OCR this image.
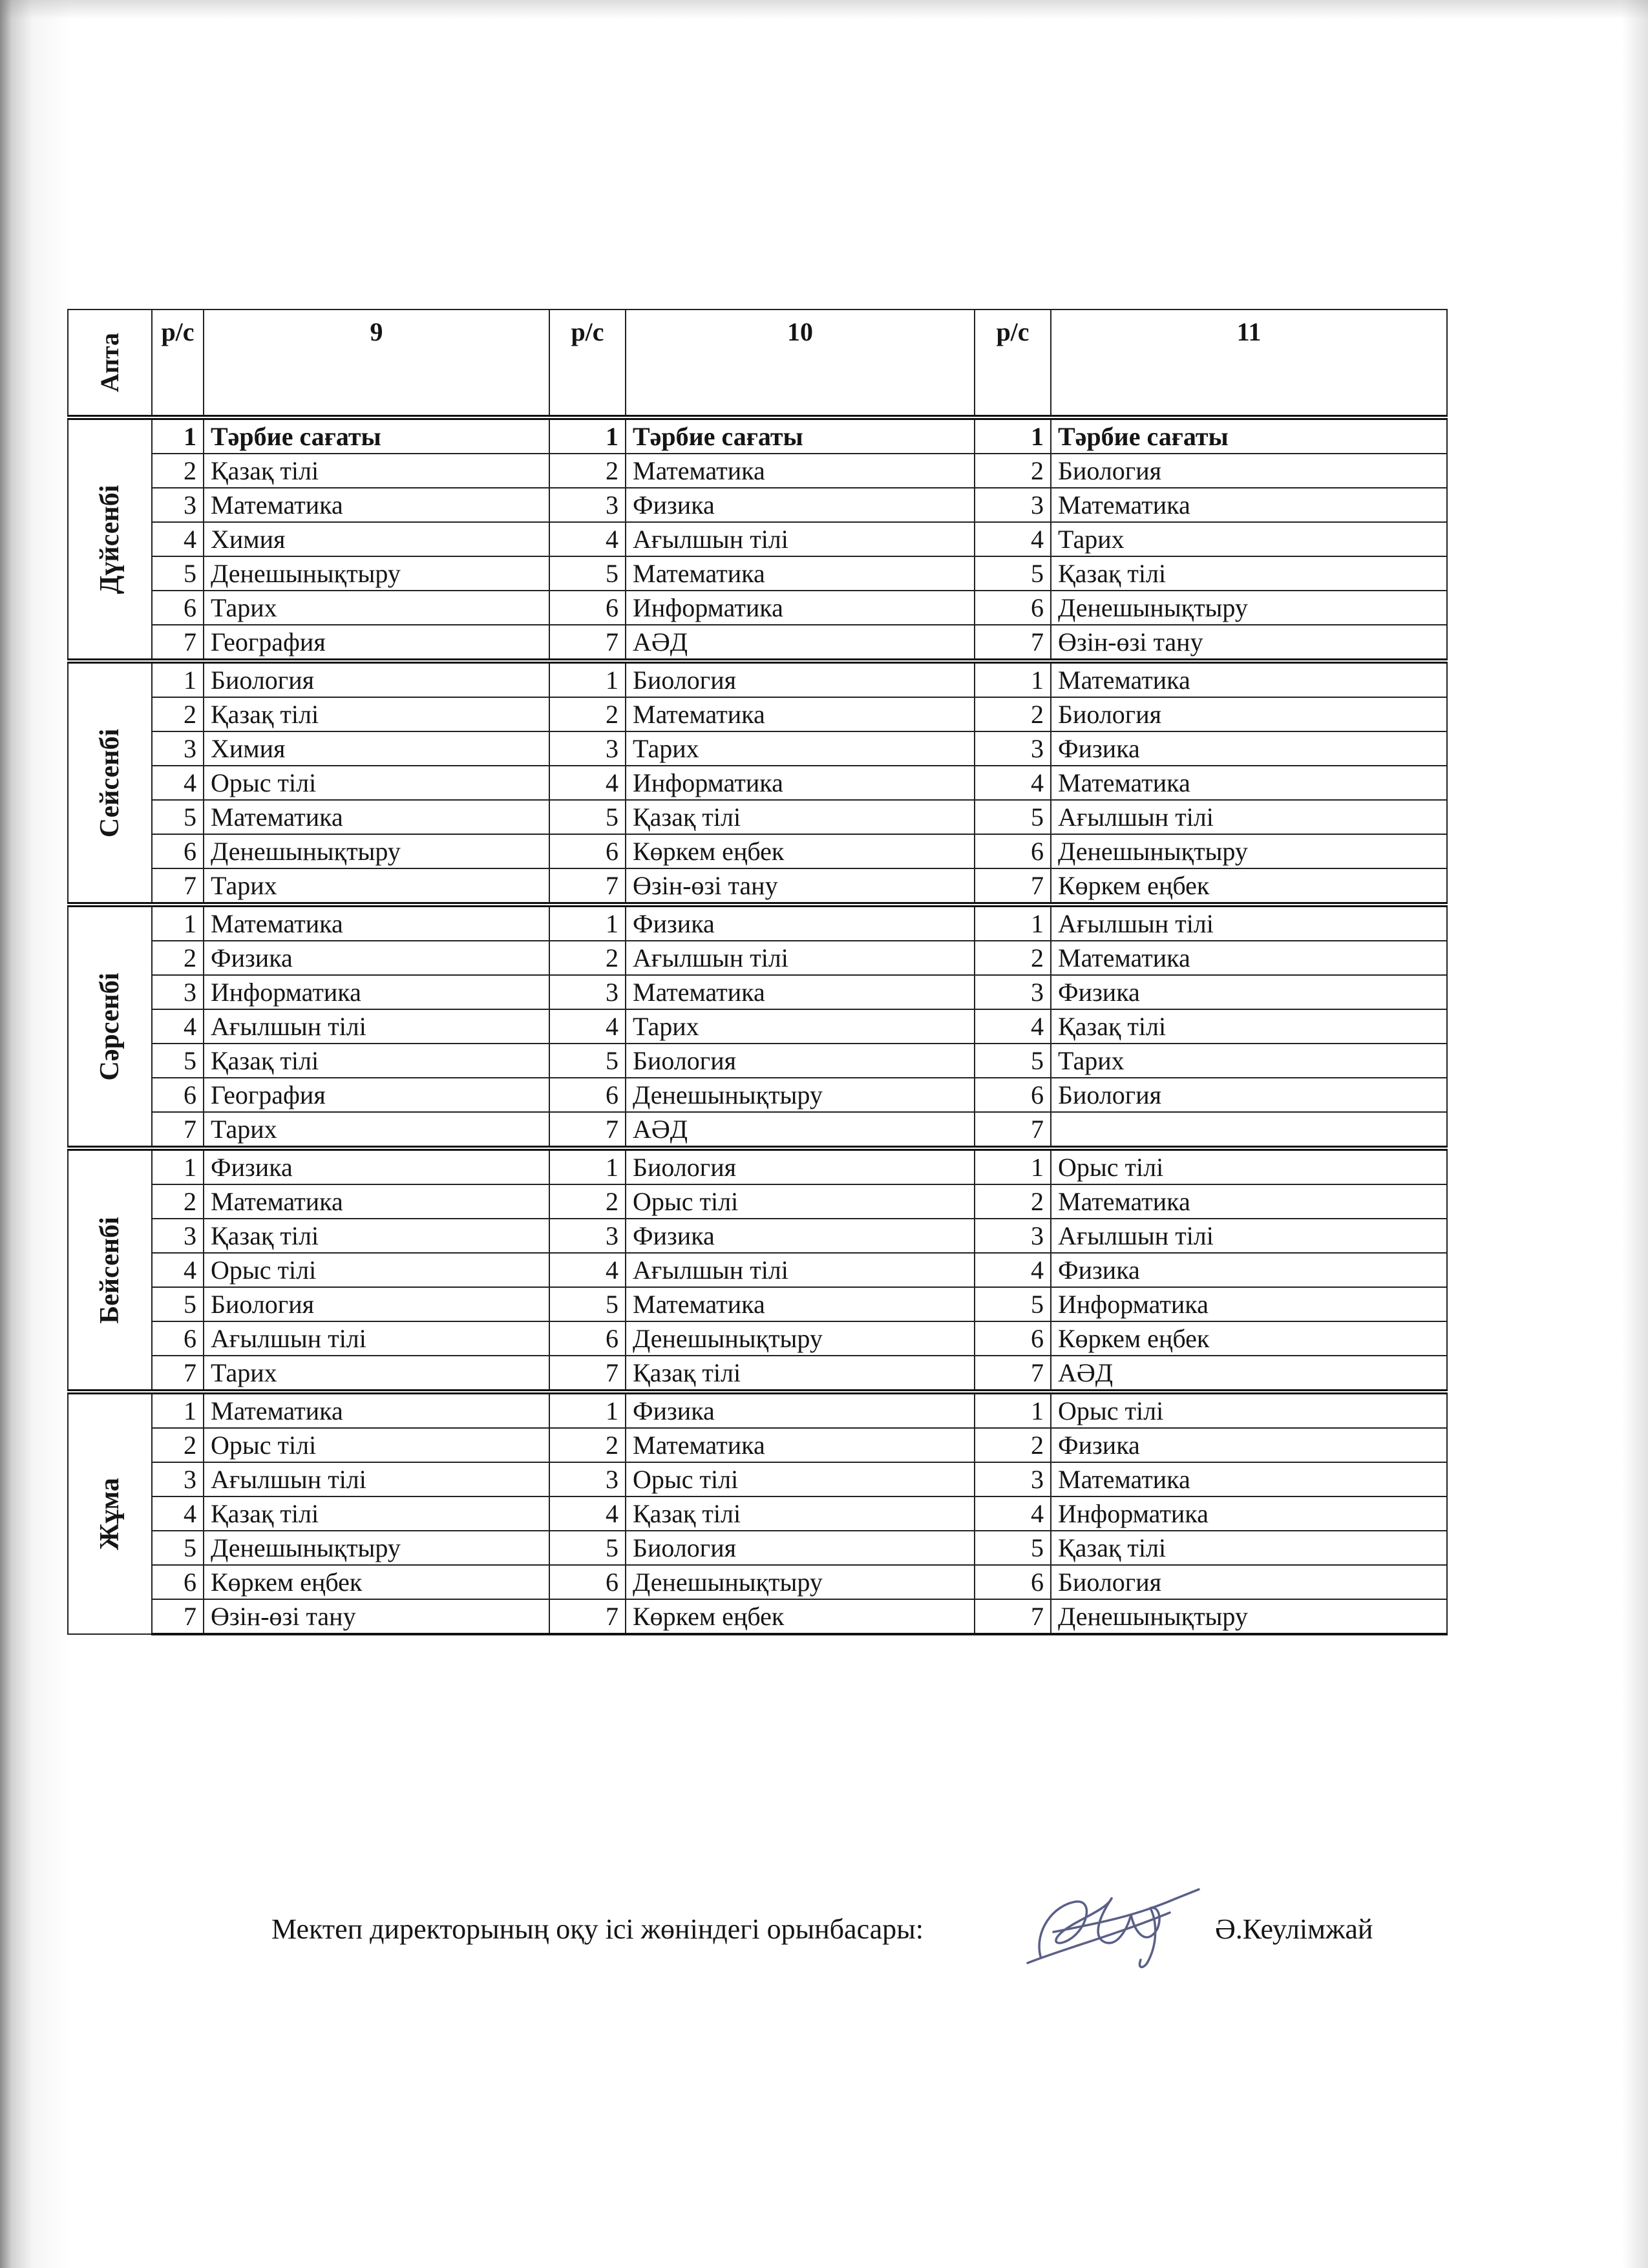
Апта	р/с	9	р/с	10	р/с	11

Дүйсенбі	1	Тәрбие сағаты	1	Тәрбие сағаты	1	Тәрбие сағаты
	2	Қазақ тілі	2	Математика	2	Биология
	3	Математика	3	Физика	3	Математика
	4	Химия	4	Ағылшын тілі	4	Тарих
	5	Денешынықтыру	5	Математика	5	Қазақ тілі
	6	Тарих	6	Информатика	6	Денешынықтыру
	7	География	7	АӘД	7	Өзін-өзі тану

Сейсенбі	1	Биология	1	Биология	1	Математика
	2	Қазақ тілі	2	Математика	2	Биология
	3	Химия	3	Тарих	3	Физика
	4	Орыс тілі	4	Информатика	4	Математика
	5	Математика	5	Қазақ тілі	5	Ағылшын тілі
	6	Денешынықтыру	6	Көркем еңбек	6	Денешынықтыру
	7	Тарих	7	Өзін-өзі тану	7	Көркем еңбек

Сәрсенбі	1	Математика	1	Физика	1	Ағылшын тілі
	2	Физика	2	Ағылшын тілі	2	Математика
	3	Информатика	3	Математика	3	Физика
	4	Ағылшын тілі	4	Тарих	4	Қазақ тілі
	5	Қазақ тілі	5	Биология	5	Тарих
	6	География	6	Денешынықтыру	6	Биология
	7	Тарих	7	АӘД	7	

Бейсенбі	1	Физика	1	Биология	1	Орыс тілі
	2	Математика	2	Орыс тілі	2	Математика
	3	Қазақ тілі	3	Физика	3	Ағылшын тілі
	4	Орыс тілі	4	Ағылшын тілі	4	Физика
	5	Биология	5	Математика	5	Информатика
	6	Ағылшын тілі	6	Денешынықтыру	6	Көркем еңбек
	7	Тарих	7	Қазақ тілі	7	АӘД

Жұма	1	Математика	1	Физика	1	Орыс тілі
	2	Орыс тілі	2	Математика	2	Физика
	3	Ағылшын тілі	3	Орыс тілі	3	Математика
	4	Қазақ тілі	4	Қазақ тілі	4	Информатика
	5	Денешынықтыру	5	Биология	5	Қазақ тілі
	6	Көркем еңбек	6	Денешынықтыру	6	Биология
	7	Өзін-өзі тану	7	Көркем еңбек	7	Денешынықтыру
Мектеп директорының оқу ісі жөніндегі орынбасары:	Ә.Кеулімжай
